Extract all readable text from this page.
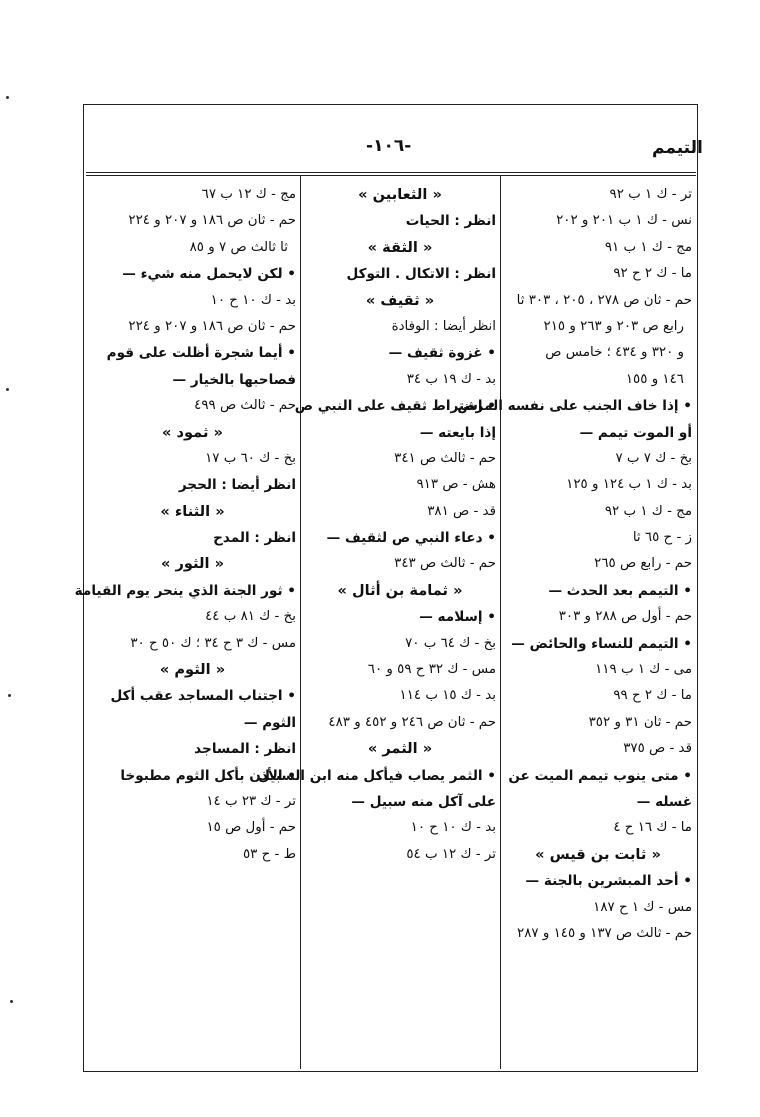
التيمم
-١٠٦-
تر - ك ١ ب ٩٢
نس - ك ١ ب ٢٠١ و ٢٠٢
مج - ك ١ ب ٩١
ما - ك ٢ ح ٩٢
حم - ثان ص ٢٧٨ ، ٢٠٥ ، ٣٠٣ ثا
رابع ص ٢٠٣ و ٢٦٣ و ٢١٥
و ٣٢٠ و ٤٣٤ ؛ خامس ص
١٤٦ و ١٥٥
• إذا خاف الجنب على نفسه المرض
أو الموت تيمم —
بخ - ك ٧ ب ٧
بد - ك ١ ب ١٢٤ و ١٢٥
مج - ك ١ ب ٩٢
ز - ح ٦٥ ثا
حم - رابع ص ٢٦٥
• التيمم بعد الحدث —
حم - أول ص ٢٨٨ و ٣٠٣
• التيمم للنساء والحائض —
مى - ك ١ ب ١١٩
ما - ك ٢ ح ٩٩
حم - ثان ٣١ و ٣٥٢
قد - ص ٣٧٥
• متى ينوب تيمم الميت عن
غسله —
ما - ك ١٦ ح ٤
« ثابت بن قيس »
• أحد المبشرين بالجنة —
مس - ك ١ ح ١٨٧
حم - ثالث ص ١٣٧ و ١٤٥ و ٢٨٧
« الثعابين »
انظر : الحيات
« الثقة »
انظر : الاتكال . التوكل
« ثقيف »
انظر أيضا : الوفادة
• غزوة ثقيف —
بد - ك ١٩ ب ٣٤
• اشتراط ثقيف على النبي ص
إذا بايعته —
حم - ثالث ص ٣٤١
هش - ص ٩١٣
قد - ص ٣٨١
• دعاء النبي ص لثقيف —
حم - ثالث ص ٣٤٣
« ثمامة بن أثال »
• إسلامه —
بخ - ك ٦٤ ب ٧٠
مس - ك ٣٢ ح ٥٩ و ٦٠
بد - ك ١٥ ب ١١٤
حم - ثان ص ٢٤٦ و ٤٥٢ و ٤٨٣
« الثمر »
• الثمر يصاب فيأكل منه ابن السبيل
على آكل منه سبيل —
بد - ك ١٠ ح ١٠
تر - ك ١٢ ب ٥٤
مج - ك ١٢ ب ٦٧
حم - ثان ص ١٨٦ و ٢٠٧ و ٢٢٤
ثا ثالث ص ٧ و ٨٥
• لكن لايحمل منه شيء —
بد - ك ١٠ ح ١٠
حم - ثان ص ١٨٦ و ٢٠٧ و ٢٢٤
• أيما شجرة أظلت على قوم
فصاحبها بالخيار —
حم - ثالث ص ٤٩٩
« ثمود »
بخ - ك ٦٠ ب ١٧
انظر أيضا : الحجر
« الثناء »
انظر : المدح
« الثور »
• ثور الجنة الذي ينحر يوم القيامة
بخ - ك ٨١ ب ٤٤
مس - ك ٣ ح ٣٤ ؛ ك ٥٠ ح ٣٠
« الثوم »
• اجتناب المساجد عقب أكل
الثوم —
انظر : المساجد
• الأذن بأكل الثوم مطبوخا
تر - ك ٢٣ ب ١٤
حم - أول ص ١٥
ط - ح ٥٣
